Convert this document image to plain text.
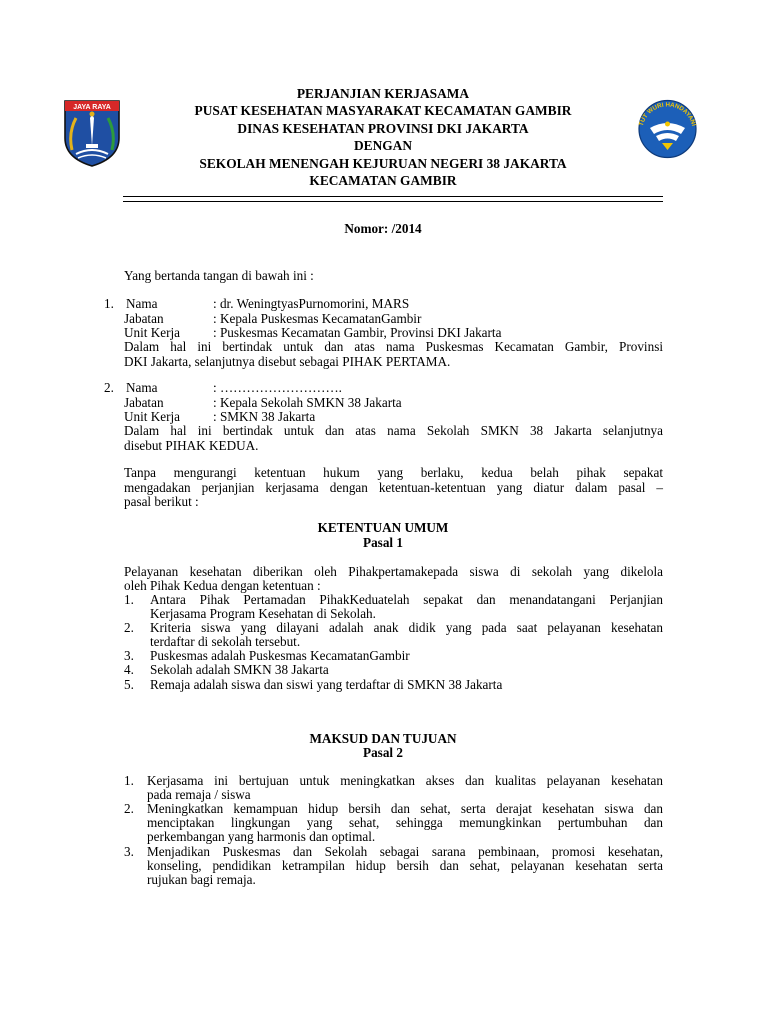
JAYA RAYA
TUT WURI HANDAYANI
PERJANJIAN KERJASAMA
PUSAT KESEHATAN MASYARAKAT KECAMATAN GAMBIR
DINAS KESEHATAN PROVINSI DKI JAKARTA
DENGAN
SEKOLAH MENENGAH KEJURUAN NEGERI 38 JAKARTA
KECAMATAN GAMBIR
Nomor: /2014
Yang bertanda tangan di bawah ini :
1. Nama	: dr. WeningtyasPurnomorini, MARS
Jabatan	: Kepala Puskesmas KecamatanGambir
Unit Kerja : Puskesmas Kecamatan Gambir, Provinsi DKI Jakarta
Dalam hal ini bertindak untuk dan atas nama Puskesmas Kecamatan Gambir, Provinsi
DKI Jakarta, selanjutnya disebut sebagai PIHAK PERTAMA.
2. Nama	: ……………………….
Jabatan	: Kepala Sekolah SMKN 38 Jakarta
Unit Kerja : SMKN 38 Jakarta
Dalam hal ini bertindak untuk dan atas nama Sekolah SMKN 38 Jakarta selanjutnya
disebut PIHAK KEDUA.
Tanpa mengurangi ketentuan hukum yang berlaku, kedua belah pihak sepakat
mengadakan perjanjian kerjasama dengan ketentuan-ketentuan yang diatur dalam pasal –
pasal berikut :
KETENTUAN UMUM
Pasal 1
Pelayanan kesehatan diberikan oleh Pihakpertamakepada siswa di sekolah yang dikelola
oleh Pihak Kedua dengan ketentuan :
1. Antara Pihak Pertamadan PihakKeduatelah sepakat dan menandatangani Perjanjian
Kerjasama Program Kesehatan di Sekolah.
2. Kriteria siswa yang dilayani adalah anak didik yang pada saat pelayanan kesehatan
terdaftar di sekolah tersebut.
3. Puskesmas adalah Puskesmas KecamatanGambir
4. Sekolah adalah SMKN 38 Jakarta
5. Remaja adalah siswa dan siswi yang terdaftar di SMKN 38 Jakarta
MAKSUD DAN TUJUAN
Pasal 2
1. Kerjasama ini bertujuan untuk meningkatkan akses dan kualitas pelayanan kesehatan
pada remaja / siswa
2. Meningkatkan kemampuan hidup bersih dan sehat, serta derajat kesehatan siswa dan
menciptakan lingkungan yang sehat, sehingga memungkinkan pertumbuhan dan
perkembangan yang harmonis dan optimal.
3. Menjadikan Puskesmas dan Sekolah sebagai sarana pembinaan, promosi kesehatan,
konseling, pendidikan ketrampilan hidup bersih dan sehat, pelayanan kesehatan serta
rujukan bagi remaja.
